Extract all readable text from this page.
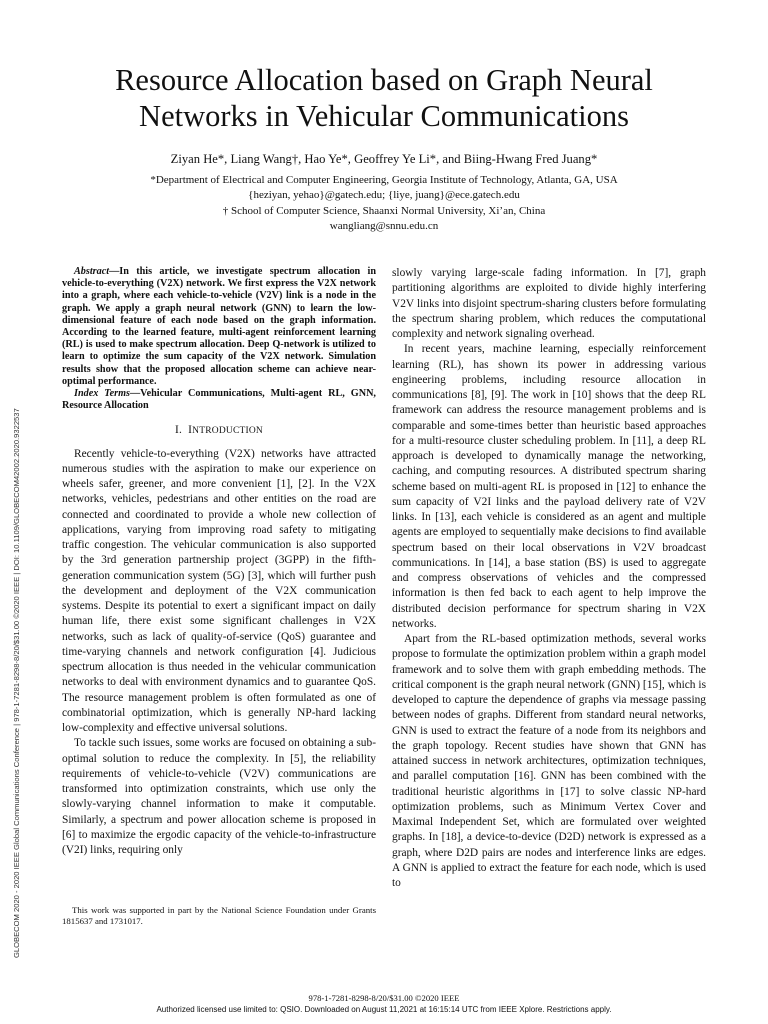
GLOBECOM 2020 - 2020 IEEE Global Communications Conference | 978-1-7281-8298-8/20/$31.00 ©2020 IEEE | DOI: 10.1109/GLOBECOM42002.2020.9322537
Resource Allocation based on Graph Neural
Networks in Vehicular Communications
Ziyan He*, Liang Wang†, Hao Ye*, Geoffrey Ye Li*, and Biing-Hwang Fred Juang*
*Department of Electrical and Computer Engineering, Georgia Institute of Technology, Atlanta, GA, USA
{heziyan, yehao}@gatech.edu; {liye, juang}@ece.gatech.edu
† School of Computer Science, Shaanxi Normal University, Xi’an, China
wangliang@snnu.edu.cn

Abstract—In this article, we investigate spectrum allocation in vehicle-to-everything (V2X) network. We first express the V2X network into a graph, where each vehicle-to-vehicle (V2V) link is a node in the graph. We apply a graph neural network (GNN) to learn the low-dimensional feature of each node based on the graph information. According to the learned feature, multi-agent reinforcement learning (RL) is used to make spectrum allocation. Deep Q-network is utilized to learn to optimize the sum capacity of the V2X network. Simulation results show that the proposed allocation scheme can achieve near-optimal performance.

Index Terms—Vehicular Communications, Multi-agent RL, GNN, Resource Allocation

I. INTRODUCTION

Recently vehicle-to-everything (V2X) networks have attracted numerous studies with the aspiration to make our experience on wheels safer, greener, and more convenient [1], [2]. In the V2X networks, vehicles, pedestrians and other entities on the road are connected and coordinated to provide a whole new collection of applications, varying from improving road safety to mitigating traffic congestion. The vehicular communication is also supported by the 3rd generation partnership project (3GPP) in the fifth-generation communication system (5G) [3], which will further push the development and deployment of the V2X communication systems. Despite its potential to exert a significant impact on daily human life, there exist some significant challenges in V2X networks, such as lack of quality-of-service (QoS) guarantee and time-varying channels and network configuration [4]. Judicious spectrum allocation is thus needed in the vehicular communication networks to deal with environment dynamics and to guarantee QoS. The resource management problem is often formulated as one of combinatorial optimization, which is generally NP-hard lacking low-complexity and effective universal solutions.

To tackle such issues, some works are focused on obtaining a sub-optimal solution to reduce the complexity. In [5], the reliability requirements of vehicle-to-vehicle (V2V) communications are transformed into optimization constraints, which use only the slowly-varying channel information to make it computable. Similarly, a spectrum and power allocation scheme is proposed in [6] to maximize the ergodic capacity of the vehicle-to-infrastructure (V2I) links, requiring only

This work was supported in part by the National Science Foundation under Grants 1815637 and 1731017.

slowly varying large-scale fading information. In [7], graph partitioning algorithms are exploited to divide highly interfering V2V links into disjoint spectrum-sharing clusters before formulating the spectrum sharing problem, which reduces the computational complexity and network signaling overhead.

In recent years, machine learning, especially reinforcement learning (RL), has shown its power in addressing various engineering problems, including resource allocation in communications [8], [9]. The work in [10] shows that the deep RL framework can address the resource management problems and is comparable and some-times better than heuristic based approaches for a multi-resource cluster scheduling problem. In [11], a deep RL approach is developed to dynamically manage the networking, caching, and computing resources. A distributed spectrum sharing scheme based on multi-agent RL is proposed in [12] to enhance the sum capacity of V2I links and the payload delivery rate of V2V links. In [13], each vehicle is considered as an agent and multiple agents are employed to sequentially make decisions to find available spectrum based on their local observations in V2V broadcast communications. In [14], a base station (BS) is used to aggregate and compress observations of vehicles and the compressed information is then fed back to each agent to help improve the distributed decision performance for spectrum sharing in V2X networks.

Apart from the RL-based optimization methods, several works propose to formulate the optimization problem within a graph model framework and to solve them with graph embedding methods. The critical component is the graph neural network (GNN) [15], which is developed to capture the dependence of graphs via message passing between nodes of graphs. Different from standard neural networks, GNN is used to extract the feature of a node from its neighbors and the graph topology. Recent studies have shown that GNN has attained success in network architectures, optimization techniques, and parallel computation [16]. GNN has been combined with the traditional heuristic algorithms in [17] to solve classic NP-hard optimization problems, such as Minimum Vertex Cover and Maximal Independent Set, which are formulated over weighted graphs. In [18], a device-to-device (D2D) network is expressed as a graph, where D2D pairs are nodes and interference links are edges. A GNN is applied to extract the feature for each node, which is used to

978-1-7281-8298-8/20/$31.00 ©2020 IEEE
Authorized licensed use limited to: QSIO. Downloaded on August 11,2021 at 16:15:14 UTC from IEEE Xplore. Restrictions apply.
